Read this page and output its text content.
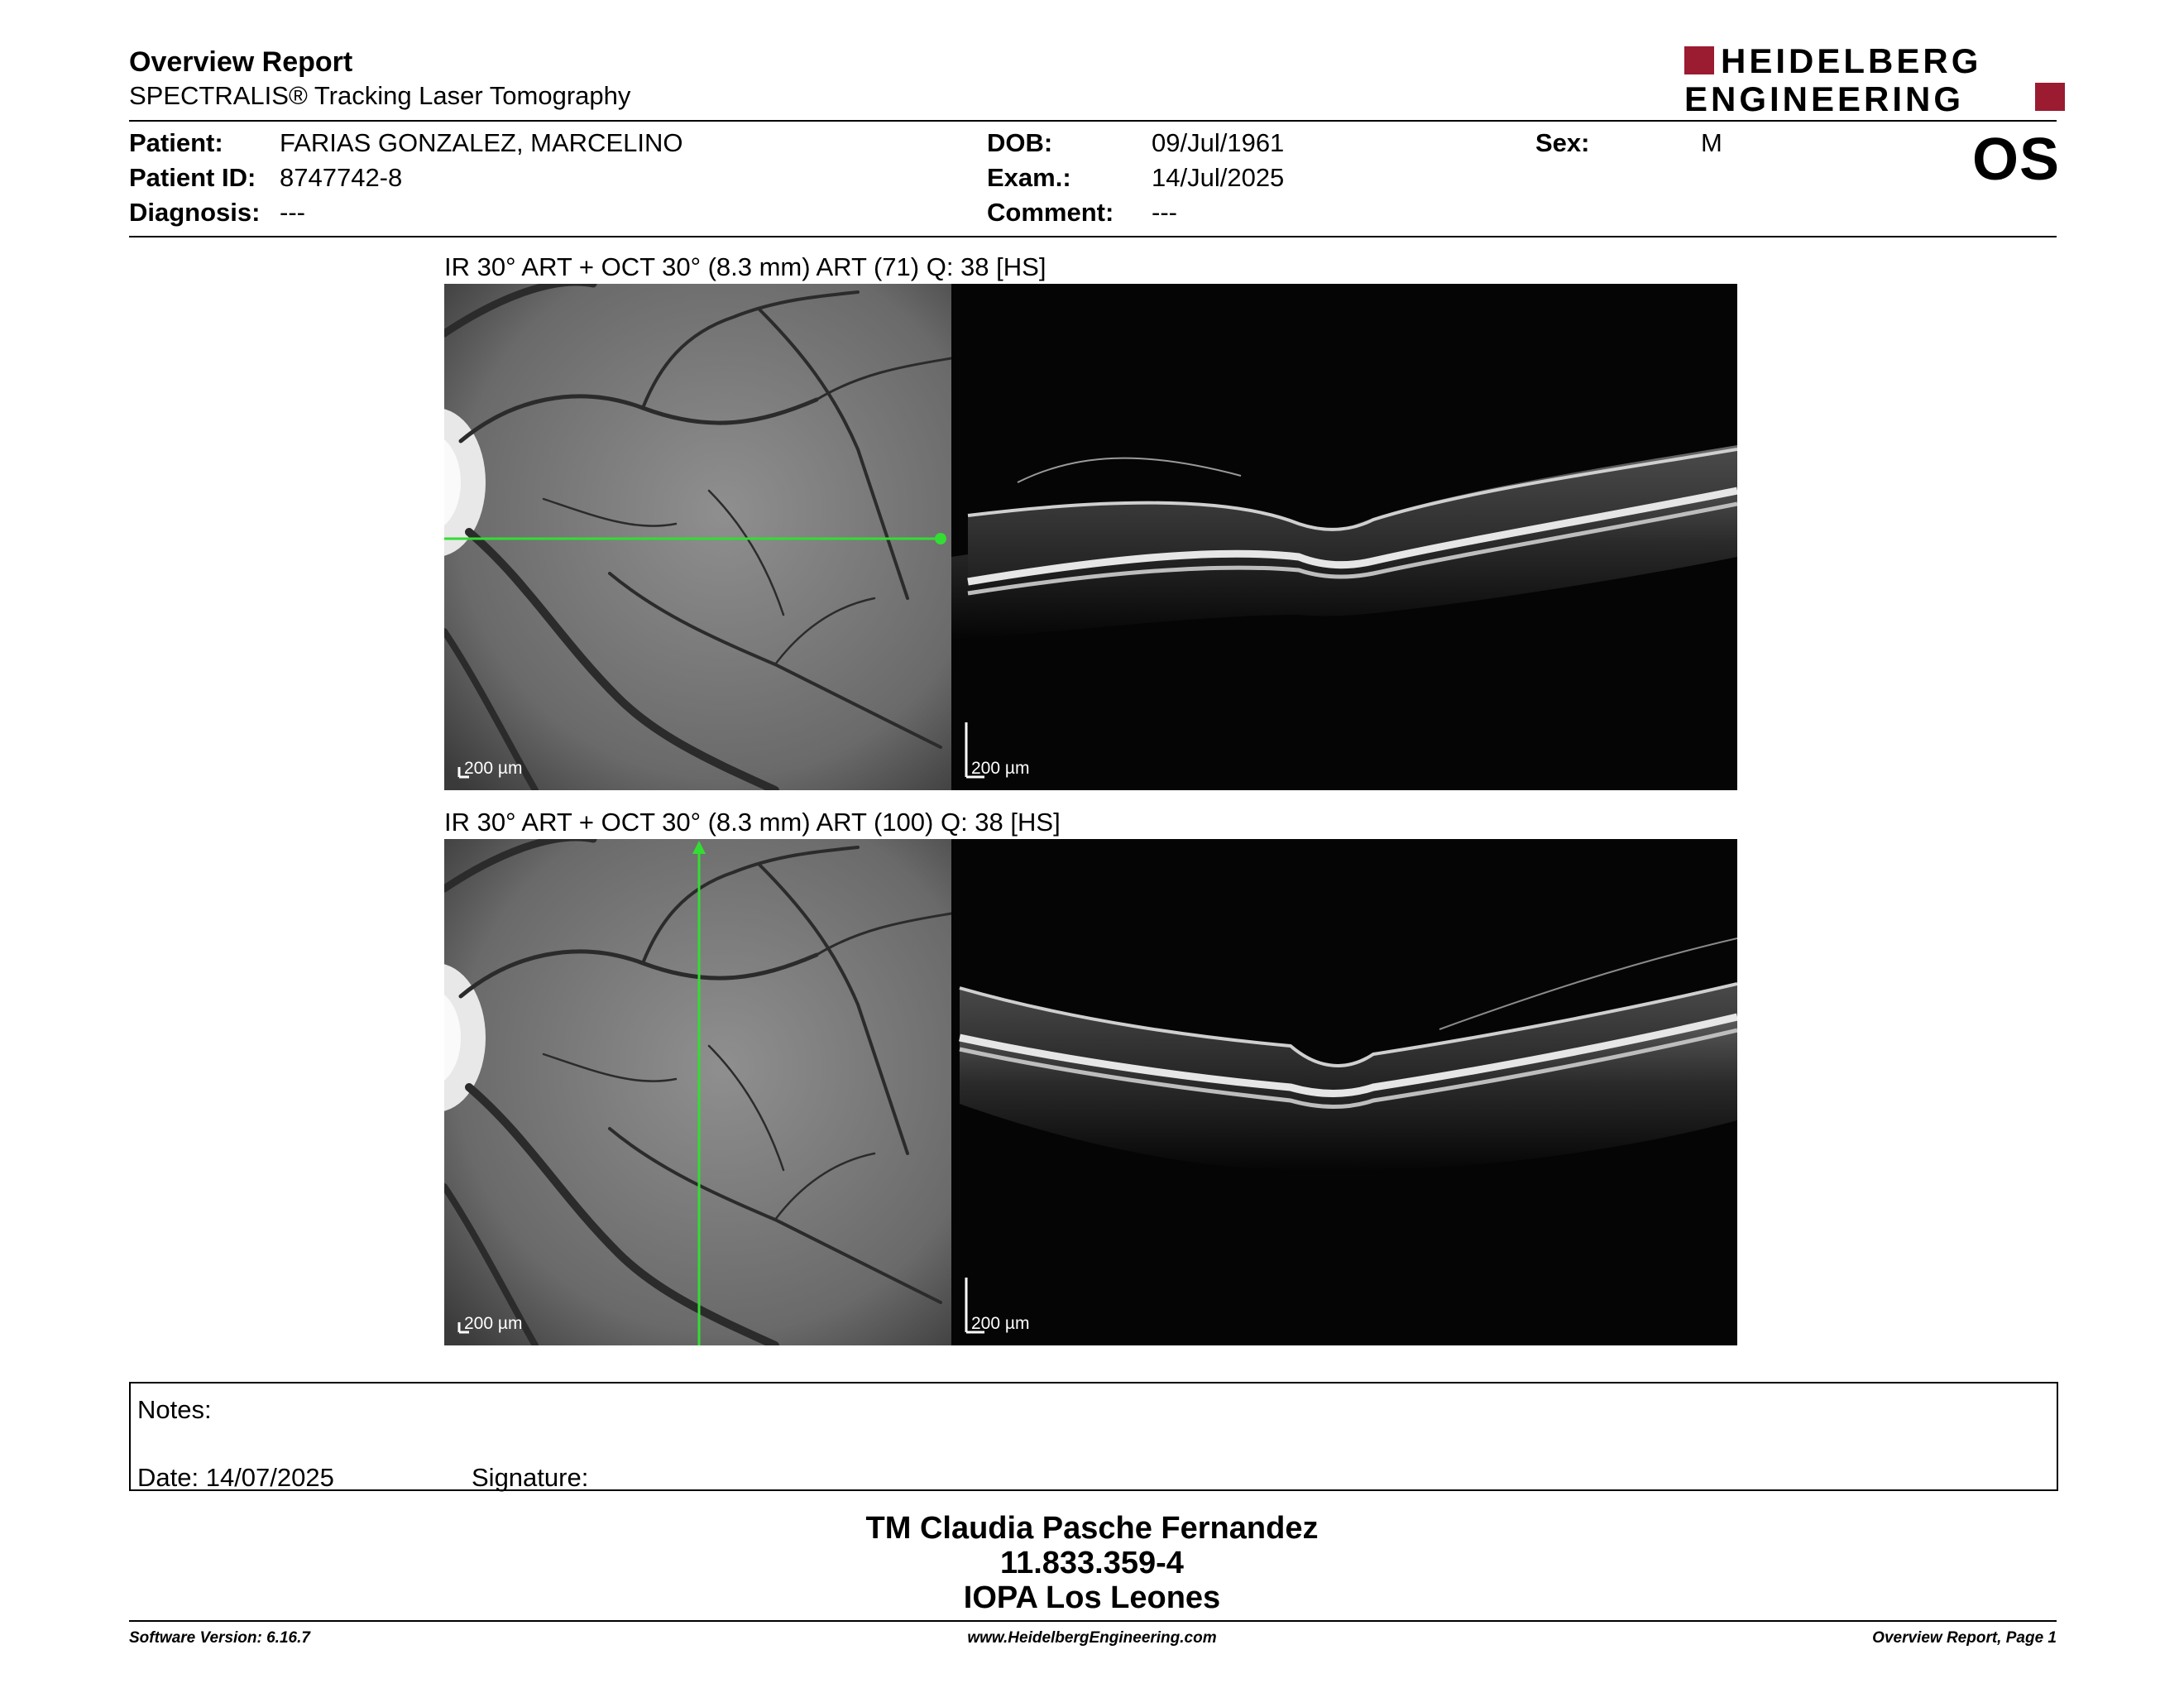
Overview Report
SPECTRALIS® Tracking Laser Tomography
HEIDELBERG
ENGINEERING
Patient: FARIAS GONZALEZ, MARCELINO
Patient ID: 8747742-8
Diagnosis: ---
DOB:	09/Jul/1961
Exam.:	14/Jul/2025
Comment: ---
Sex:	M	OS
IR 30° ART + OCT 30° (8.3 mm) ART (71) Q: 38 [HS]
200 µm	200 µm
IR 30° ART + OCT 30° (8.3 mm) ART (100) Q: 38 [HS]
200 µm	200 µm
Notes:
Date: 14/07/2025	Signature:
TM Claudia Pasche Fernandez
11.833.359-4
IOPA Los Leones
Software Version: 6.16.7	www.HeidelbergEngineering.com	Overview Report, Page 1
